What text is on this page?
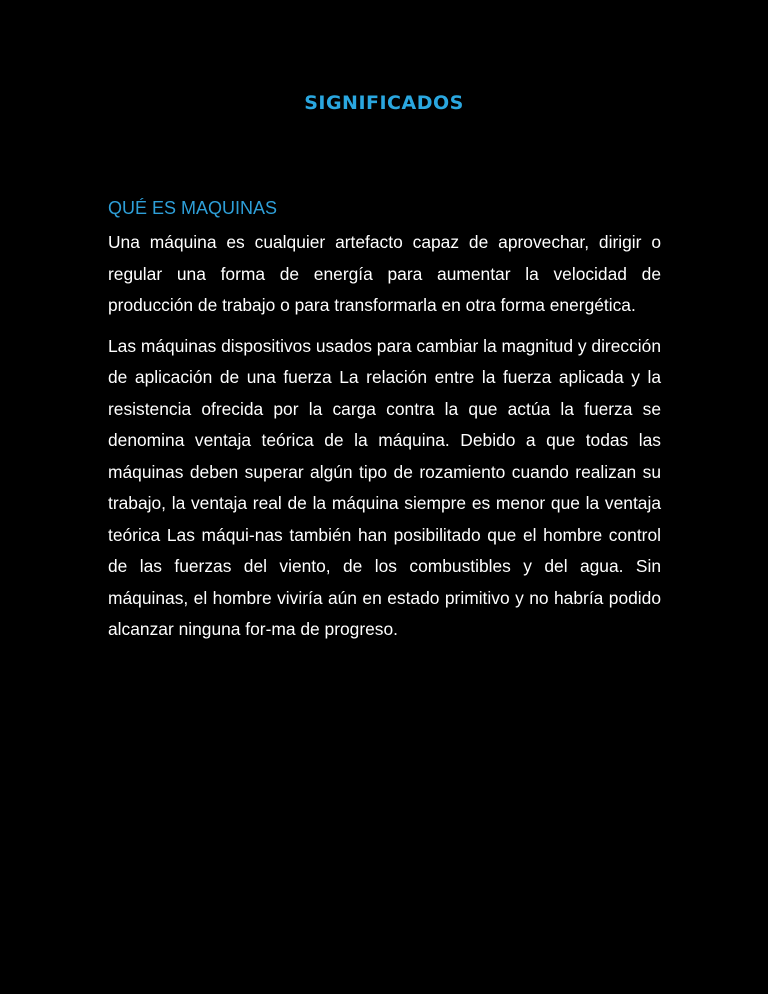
SIGNIFICADOS
QUÉ ES MAQUINAS

Una máquina es cualquier artefacto capaz de aprovechar, dirigir o regular una forma de energía para aumentar la velocidad de producción de trabajo o para transformarla en otra forma energética.

Las máquinas dispositivos usados para cambiar la magnitud y dirección de aplicación de una fuerza La relación entre la fuerza aplicada y la resistencia ofrecida por la carga contra la que actúa la fuerza se denomina ventaja teórica de la máquina. Debido a que todas las máquinas deben superar algún tipo de rozamiento cuando realizan su trabajo, la ventaja real de la máquina siempre es menor que la ventaja teórica Las máqui-nas también han posibilitado que el hombre control de las fuerzas del viento, de los combustibles y del agua. Sin máquinas, el hombre viviría aún en estado primitivo y no habría podido alcanzar ninguna for-ma de progreso.
